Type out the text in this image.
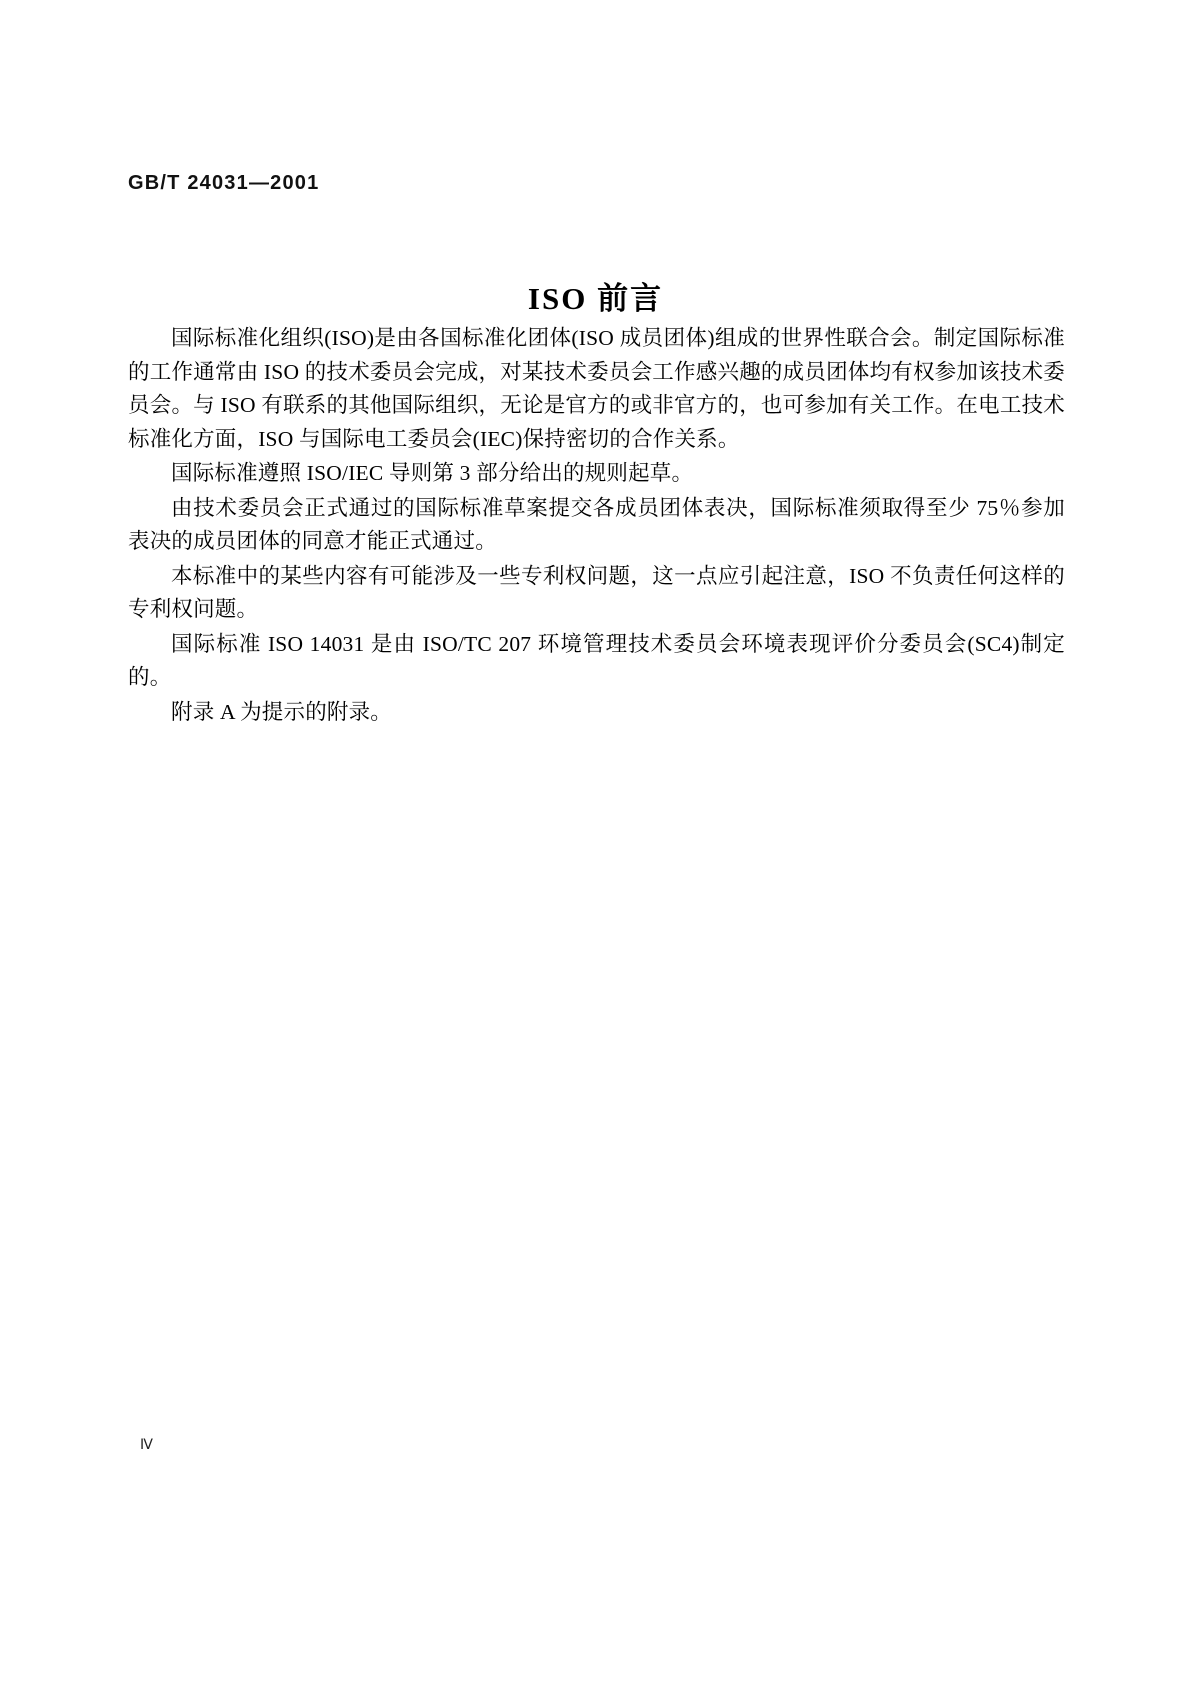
GB/T 24031—2001
ISO 前言

国际标准化组织(ISO)是由各国标准化团体(ISO 成员团体)组成的世界性联合会。制定国际标准的工作通常由 ISO 的技术委员会完成，对某技术委员会工作感兴趣的成员团体均有权参加该技术委员会。与 ISO 有联系的其他国际组织，无论是官方的或非官方的，也可参加有关工作。在电工技术标准化方面，ISO 与国际电工委员会(IEC)保持密切的合作关系。

国际标准遵照 ISO/IEC 导则第 3 部分给出的规则起草。

由技术委员会正式通过的国际标准草案提交各成员团体表决，国际标准须取得至少 75％参加表决的成员团体的同意才能正式通过。

本标准中的某些内容有可能涉及一些专利权问题，这一点应引起注意，ISO 不负责任何这样的专利权问题。

国际标准 ISO 14031 是由 ISO/TC 207 环境管理技术委员会环境表现评价分委员会(SC4)制定的。

附录 A 为提示的附录。

Ⅳ
